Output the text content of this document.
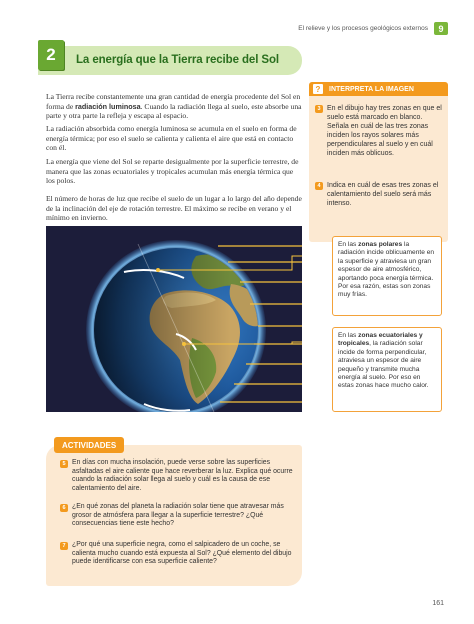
El relieve y los procesos geológicos externos	9
2	La energía que la Tierra recibe del Sol

La Tierra recibe constantemente una gran cantidad de energía procedente del Sol en forma de radiación luminosa. Cuando la radiación llega al suelo, este absorbe una parte y otra parte la refleja y escapa al espacio.

La radiación absorbida como energía luminosa se acumula en el suelo en forma de energía térmica; por eso el suelo se calienta y calienta el aire que está en contacto con él.

La energía que viene del Sol se reparte desigualmente por la superficie terrestre, de manera que las zonas ecuatoriales y tropicales acumulan más energía térmica que los polos.

El número de horas de luz que recibe el suelo de un lugar a lo largo del año depende de la inclinación del eje de rotación terrestre. El máximo se recibe en verano y el mínimo en invierno.

?	INTERPRETA LA IMAGEN
3 En el dibujo hay tres zonas en que el suelo está marcado en blanco. Señala en cuál de las tres zonas inciden los rayos solares más perpendiculares al suelo y en cuál inciden más oblicuos.
4 Indica en cuál de esas tres zonas el calentamiento del suelo será más intenso.
En las zonas polares la radiación incide oblicuamente en la superficie y atraviesa un gran espesor de aire atmosférico, aportando poca energía térmica. Por esa razón, estas son zonas muy frías.
En las zonas ecuatoriales y tropicales, la radiación solar incide de forma perpendicular, atraviesa un espesor de aire pequeño y transmite mucha energía al suelo. Por eso en estas zonas hace mucho calor.
ACTIVIDADES
5 En días con mucha insolación, puede verse sobre las superficies asfaltadas el aire caliente que hace reverberar la luz. Explica qué ocurre cuando la radiación solar llega al suelo y cuál es la causa de ese calentamiento del aire.
6 ¿En qué zonas del planeta la radiación solar tiene que atravesar más grosor de atmósfera para llegar a la superficie terrestre? ¿Qué consecuencias tiene este hecho?
7 ¿Por qué una superficie negra, como el salpicadero de un coche, se calienta mucho cuando está expuesta al Sol? ¿Qué elemento del dibujo puede identificarse con esa superficie caliente?
161
